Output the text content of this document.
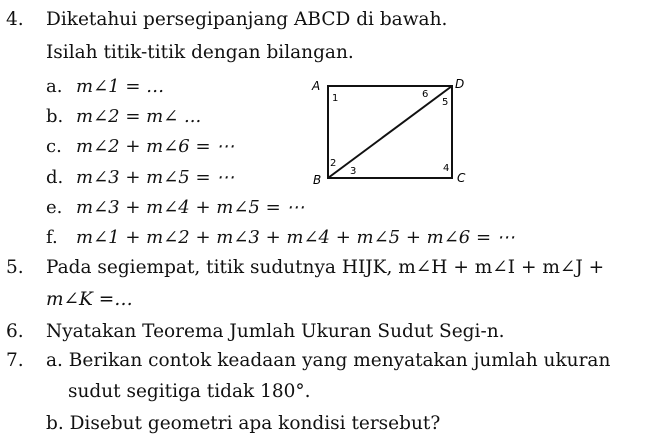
4. Diketahui persegipanjang ABCD di bawah.
Isilah titik-titik dengan bilangan.
a. m∠1 = …
b. m∠2 = m∠ ...
c. m∠2 + m∠6 = ⋯
d. m∠3 + m∠5 = ⋯
e. m∠3 + m∠4 + m∠5 = ⋯
f. m∠1 + m∠2 + m∠3 + m∠4 + m∠5 + m∠6 = ⋯
A
B	C
D
1
2
3	4
5
6
5. Pada segiempat, titik sudutnya HIJK, m∠H + m∠I + m∠J +
m∠K =…
6. Nyatakan Teorema Jumlah Ukuran Sudut Segi-n.
7. a. Berikan contok keadaan yang menyatakan jumlah ukuran
sudut segitiga tidak 180°.
b. Disebut geometri apa kondisi tersebut?
